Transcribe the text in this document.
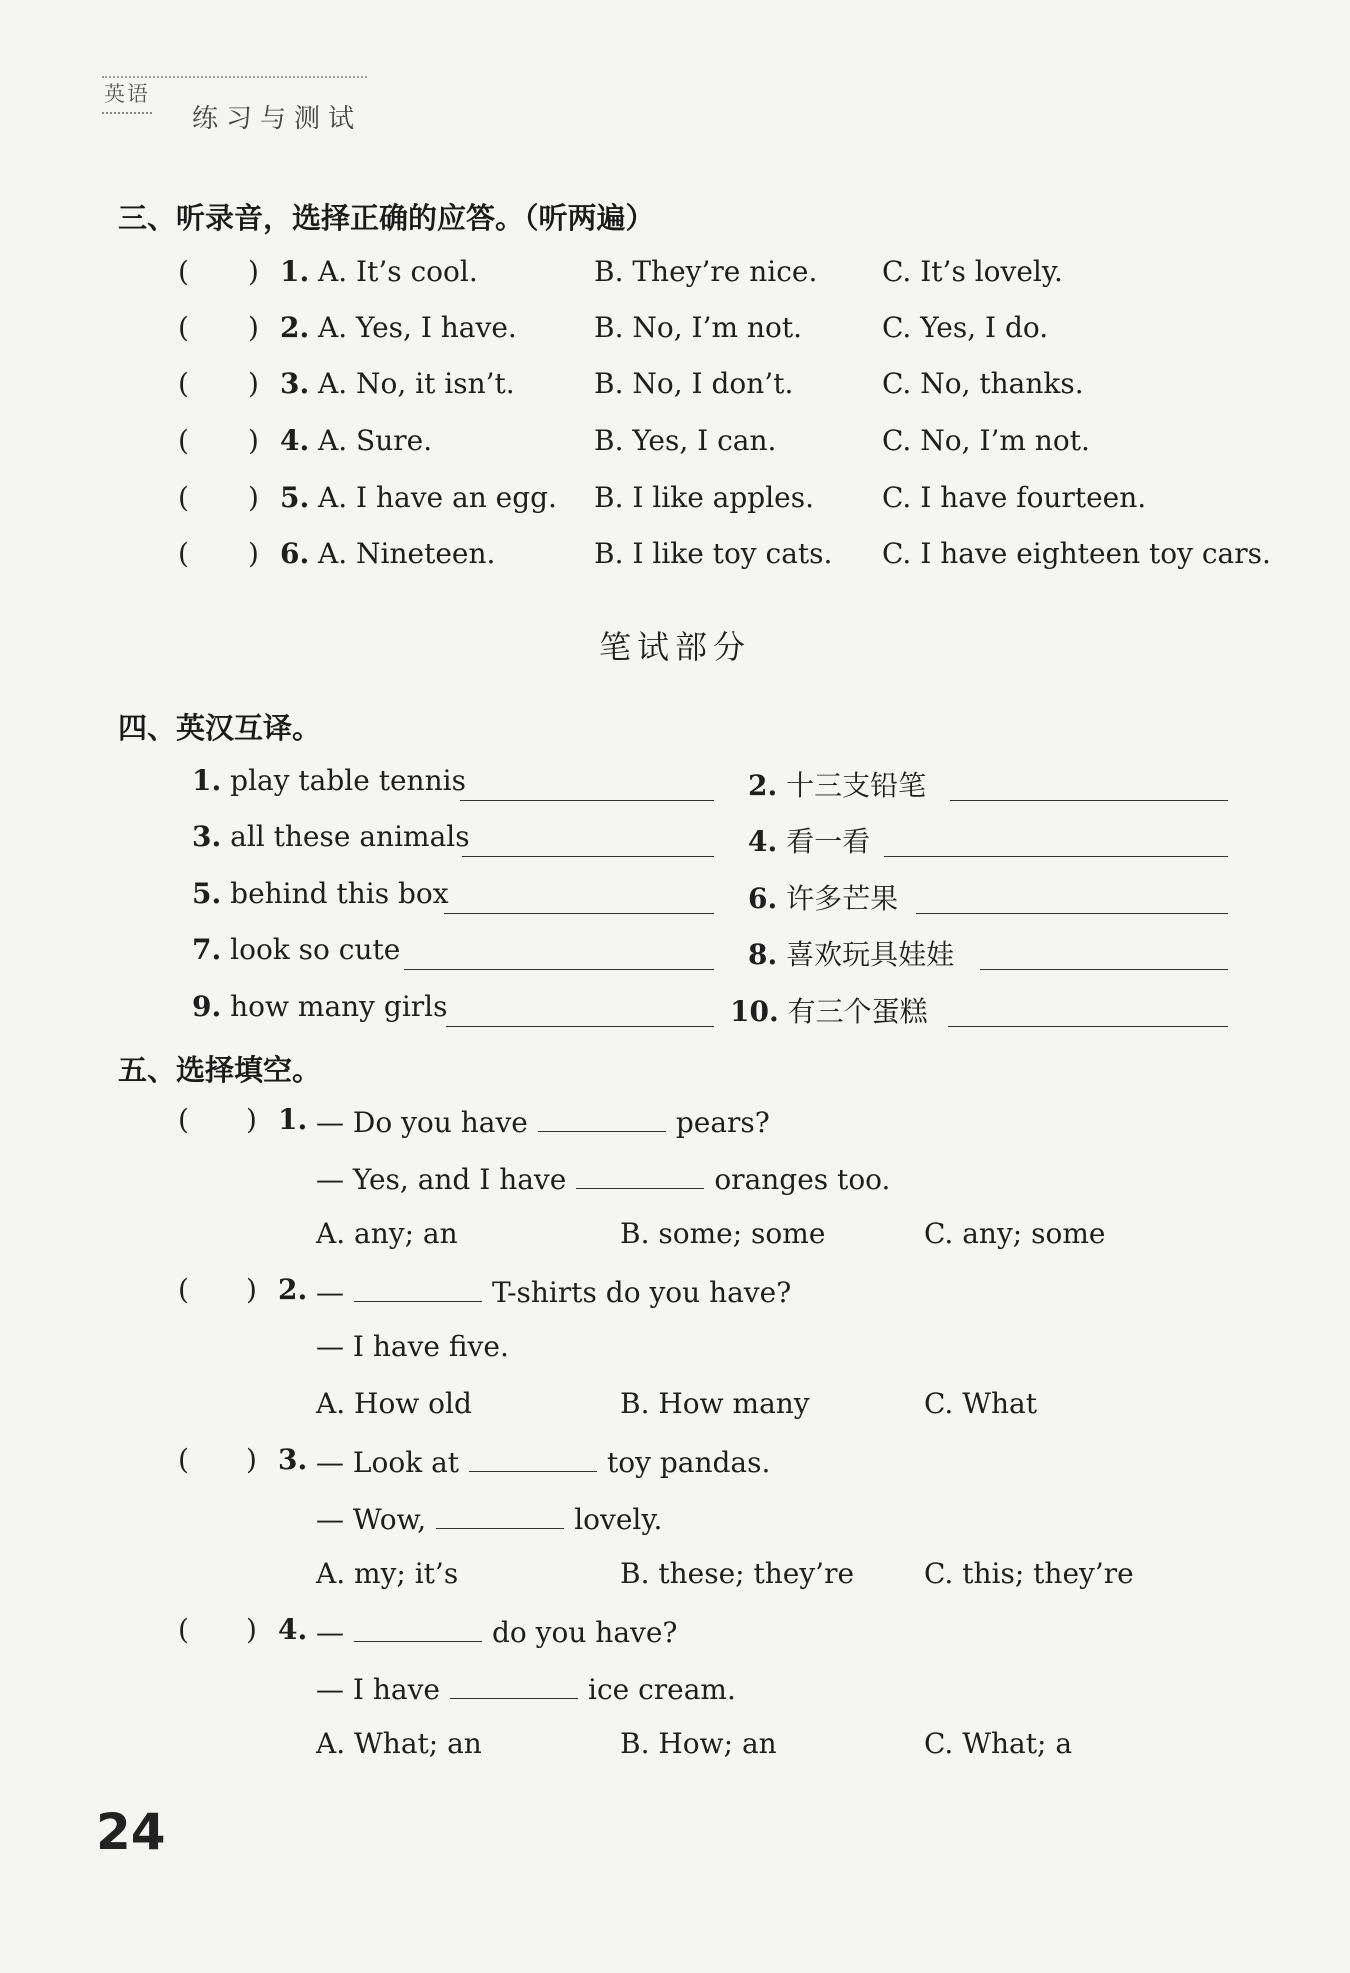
英语
练习与测试
三、听录音，选择正确的应答。（听两遍）
( ) 1. A. It’s cool.	B. They’re nice. C. It’s lovely.
( ) 2. A. Yes, I have.	B. No, I’m not.	C. Yes, I do.
( ) 3. A. No, it isn’t.	B. No, I don’t.	C. No, thanks.
( ) 4. A. Sure.	B. Yes, I can.	C. No, I’m not.
( ) 5. A. I have an egg. B. I like apples. C. I have fourteen.
( ) 6. A. Nineteen.	B. I like toy cats. C. I have eighteen toy cars.
笔试部分
四、英汉互译。
1. play table tennis	2. 十三支铅笔
3. all these animals	4. 看一看
5. behind this box	6. 许多芒果
7. look so cute	8. 喜欢玩具娃娃
9. how many girls	10. 有三个蛋糕
五、选择填空。
( ) 1. — Do you have	pears?
— Yes, and I have	oranges too.
A. any; an	B. some; some	C. any; some
( ) 2. —	T-shirts do you have?
— I have five.
A. How old	B. How many	C. What
( ) 3. — Look at	toy pandas.
— Wow,	lovely.
A. my; it’s	B. these; they’re C. this; they’re
( ) 4. —	do you have?
— I have	ice cream.
A. What; an	B. How; an	C. What; a
24
